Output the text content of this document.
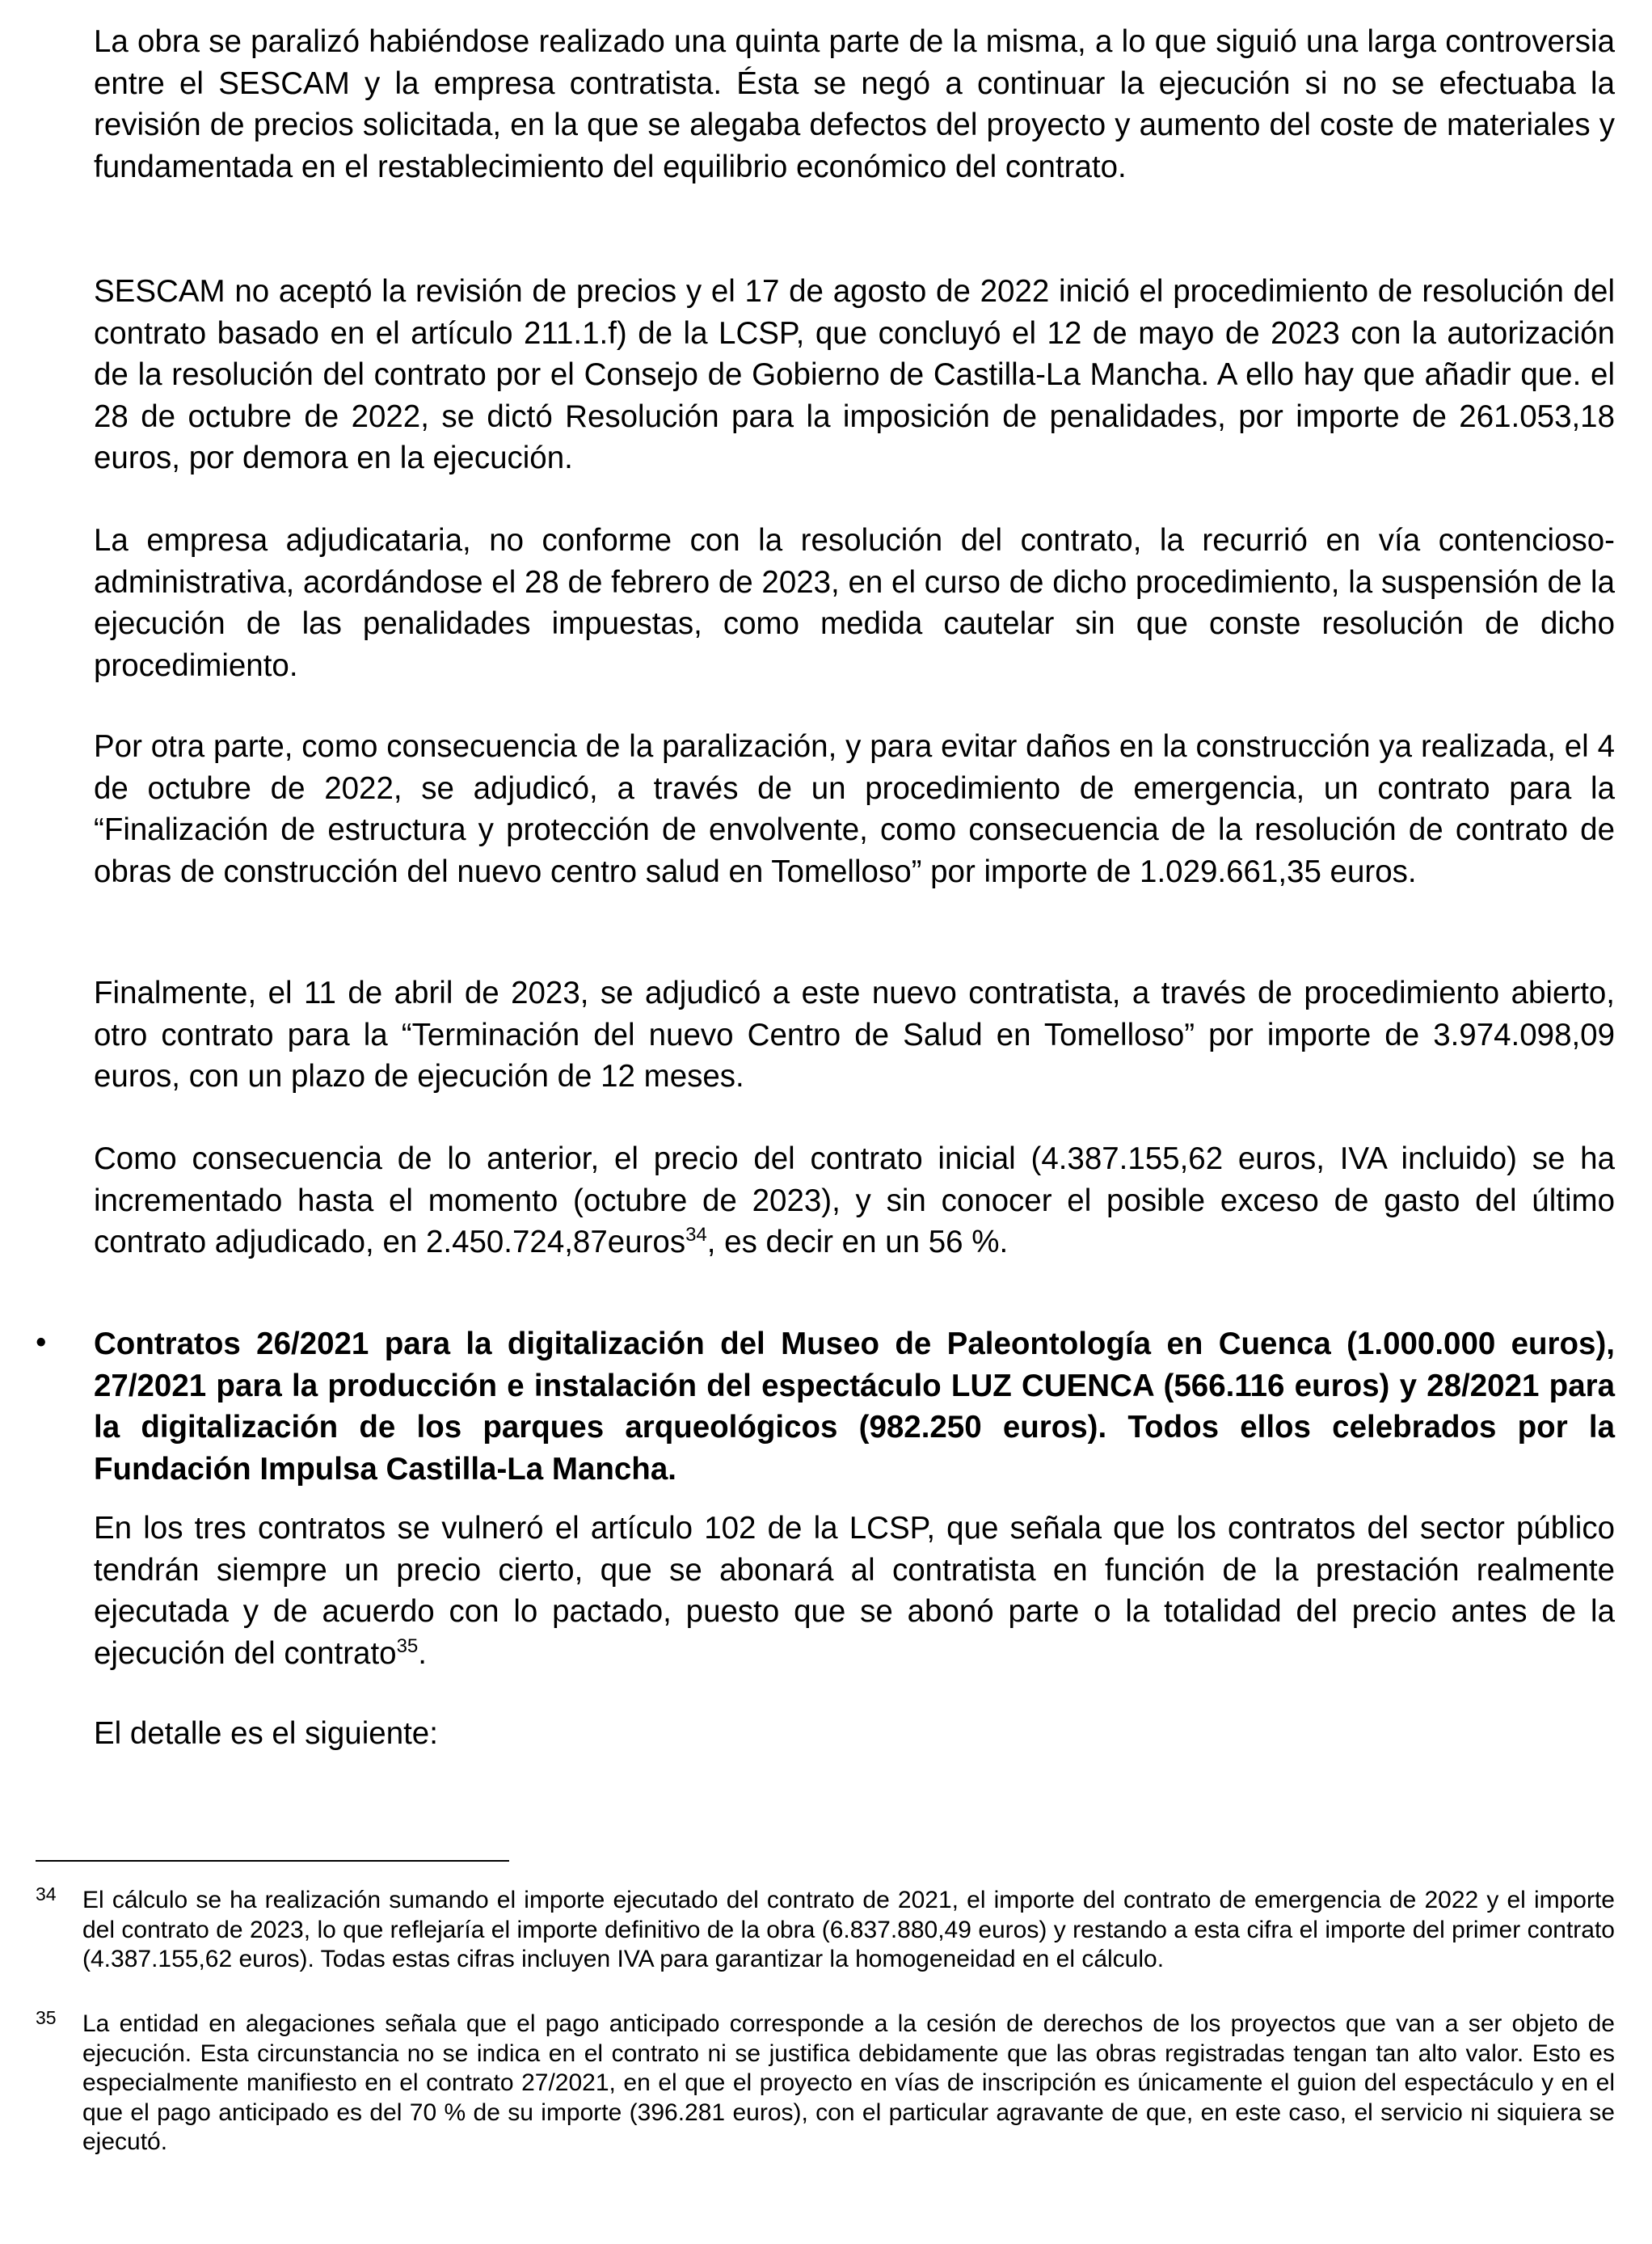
La obra se paralizó habiéndose realizado una quinta parte de la misma, a lo que siguió una larga controversia entre el SESCAM y la empresa contratista. Ésta se negó a continuar la ejecución si no se efectuaba la revisión de precios solicitada, en la que se alegaba defectos del proyecto y aumento del coste de materiales y fundamentada en el restablecimiento del equilibrio económico del contrato.

SESCAM no aceptó la revisión de precios y el 17 de agosto de 2022 inició el procedimiento de resolución del contrato basado en el artículo 211.1.f) de la LCSP, que concluyó el 12 de mayo de 2023 con la autorización de la resolución del contrato por el Consejo de Gobierno de Castilla-La Mancha. A ello hay que añadir que. el 28 de octubre de 2022, se dictó Resolución para la imposición de penalidades, por importe de 261.053,18 euros, por demora en la ejecución.

La empresa adjudicataria, no conforme con la resolución del contrato, la recurrió en vía contencioso-administrativa, acordándose el 28 de febrero de 2023, en el curso de dicho procedimiento, la suspensión de la ejecución de las penalidades impuestas, como medida cautelar sin que conste resolución de dicho procedimiento.

Por otra parte, como consecuencia de la paralización, y para evitar daños en la construcción ya realizada, el 4 de octubre de 2022, se adjudicó, a través de un procedimiento de emergencia, un contrato para la “Finalización de estructura y protección de envolvente, como consecuencia de la resolución de contrato de obras de construcción del nuevo centro salud en Tomelloso” por importe de 1.029.661,35 euros.

Finalmente, el 11 de abril de 2023, se adjudicó a este nuevo contratista, a través de procedimiento abierto, otro contrato para la “Terminación del nuevo Centro de Salud en Tomelloso” por importe de 3.974.098,09 euros, con un plazo de ejecución de 12 meses.

Como consecuencia de lo anterior, el precio del contrato inicial (4.387.155,62 euros, IVA incluido) se ha incrementado hasta el momento (octubre de 2023), y sin conocer el posible exceso de gasto del último contrato adjudicado, en 2.450.724,87euros$^{34}$, es decir en un 56 %.

• Contratos 26/2021 para la digitalización del Museo de Paleontología en Cuenca (1.000.000 euros), 27/2021 para la producción e instalación del espectáculo LUZ CUENCA (566.116 euros) y 28/2021 para la digitalización de los parques arqueológicos (982.250 euros). Todos ellos celebrados por la Fundación Impulsa Castilla-La Mancha.

En los tres contratos se vulneró el artículo 102 de la LCSP, que señala que los contratos del sector público tendrán siempre un precio cierto, que se abonará al contratista en función de la prestación realmente ejecutada y de acuerdo con lo pactado, puesto que se abonó parte o la totalidad del precio antes de la ejecución del contrato$^{35}$.

El detalle es el siguiente:

34 El cálculo se ha realización sumando el importe ejecutado del contrato de 2021, el importe del contrato de emergencia de 2022 y el importe del contrato de 2023, lo que reflejaría el importe definitivo de la obra (6.837.880,49 euros) y restando a esta cifra el importe del primer contrato (4.387.155,62 euros). Todas estas cifras incluyen IVA para garantizar la homogeneidad en el cálculo.
35 La entidad en alegaciones señala que el pago anticipado corresponde a la cesión de derechos de los proyectos que van a ser objeto de ejecución. Esta circunstancia no se indica en el contrato ni se justifica debidamente que las obras registradas tengan tan alto valor. Esto es especialmente manifiesto en el contrato 27/2021, en el que el proyecto en vías de inscripción es únicamente el guion del espectáculo y en el que el pago anticipado es del 70 % de su importe (396.281 euros), con el particular agravante de que, en este caso, el servicio ni siquiera se ejecutó.
